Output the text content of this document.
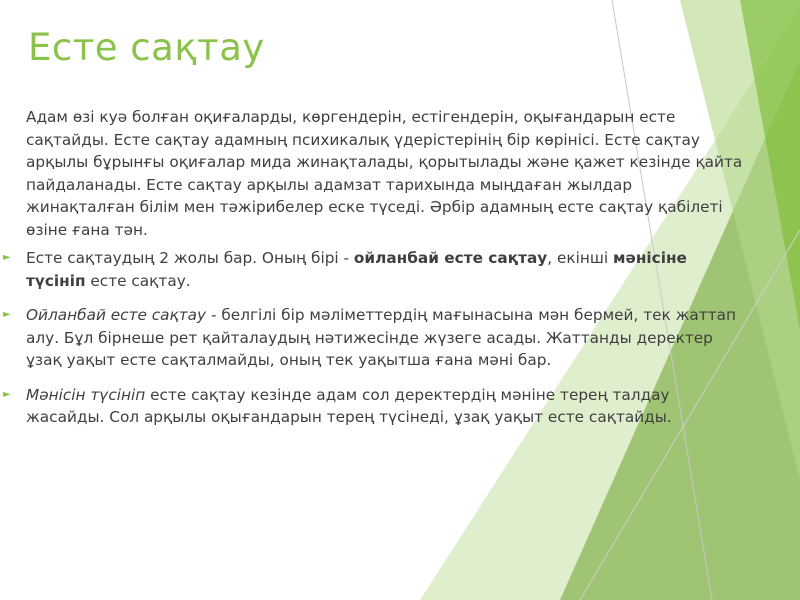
Есте сақтау

Адам өзі куә болған оқиғаларды, көргендерін, естігендерін, оқығандарын есте сақтайды. Есте сақтау адамның психикалық үдерістерінің бір көрінісі. Есте сақтау арқылы бұрынғы оқиғалар мида жинақталады, қорытылады және қажет кезінде қайта пайдаланады. Есте сақтау арқылы адамзат тарихында мыңдаған жылдар жинақталған білім мен тәжірибелер еске түседі. Әрбір адамның есте сақтау қабілеті өзіне ғана тән.

► Есте сақтаудың 2 жолы бар. Оның бірі - ойланбай есте сақтау, екінші мәнісіне түсініп есте сақтау.

► Ойланбай есте сақтау - белгілі бір мәліметтердің мағынасына мән бермей, тек жаттап алу. Бұл бірнеше рет қайталаудың нәтижесінде жүзеге асады. Жаттанды деректер ұзақ уақыт есте сақталмайды, оның тек уақытша ғана мәні бар.

► Мәнісін түсініп есте сақтау кезінде адам сол деректердің мәніне терең талдау жасайды. Сол арқылы оқығандарын терең түсінеді, ұзақ уақыт есте сақтайды.
